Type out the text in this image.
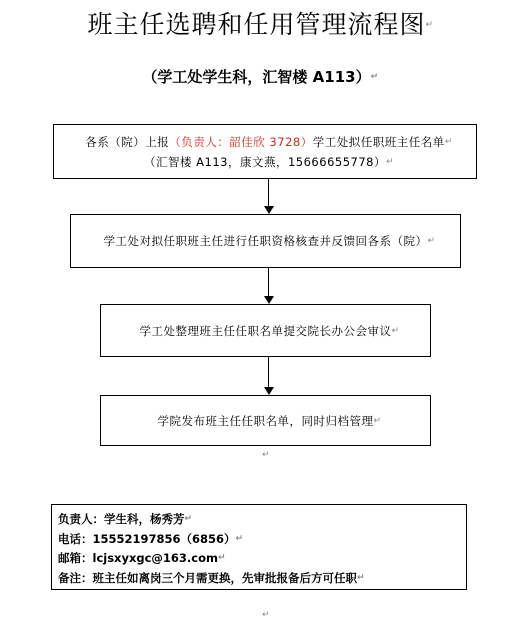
班主任选聘和任用管理流程图 ↵
（学工处学生科，汇智楼 A113） ↵
各系（院）上报（负责人：韶佳欣 3728）学工处拟任职班主任名单 ↵
（汇智楼 A113，康文燕，15666655778） ↵
学工处对拟任职班主任进行任职资格核查并反馈回各系（院） ↵
学工处整理班主任任职名单提交院长办公会审议 ↵
学院发布班主任任职名单，同时归档管理 ↵
↵
负责人：学生科，杨秀芳 ↵
电话：15552197856（6856） ↵
邮箱：lcjsxyxgc@163.com ↵
备注：班主任如离岗三个月需更换，先审批报备后方可任职 ↵
↵
